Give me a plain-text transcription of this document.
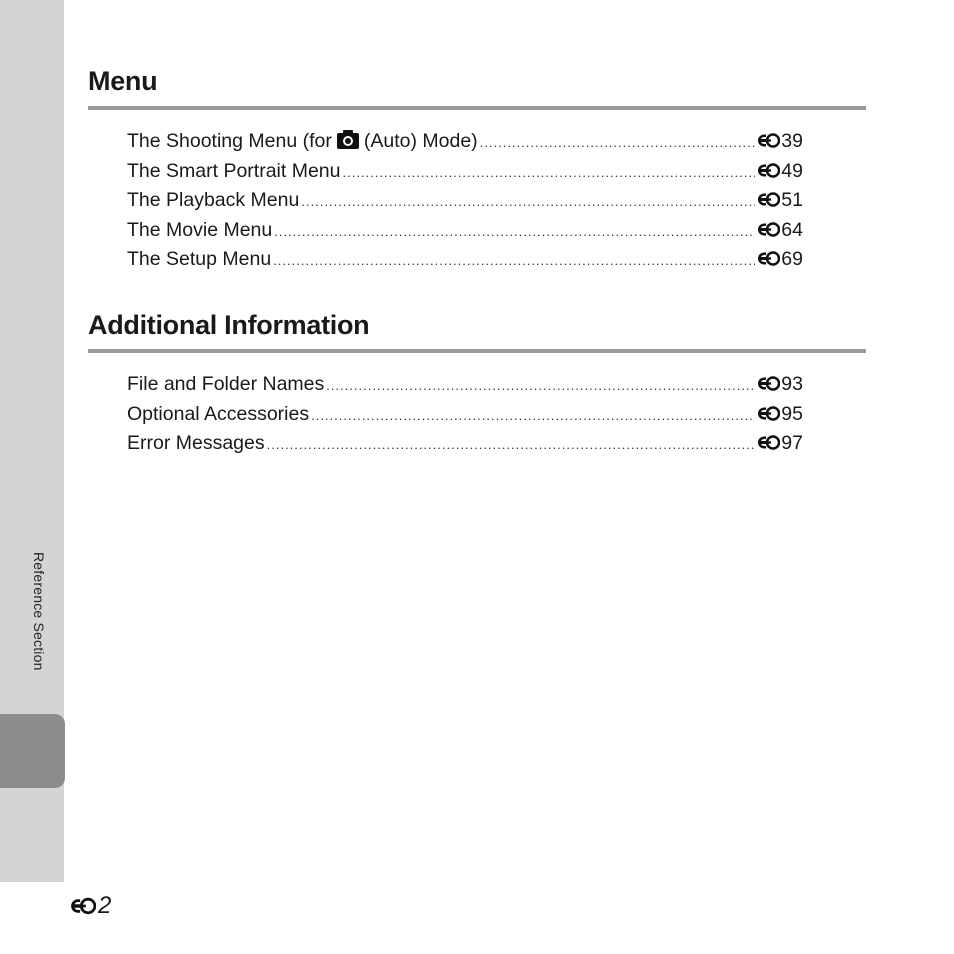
Reference Section
Menu
The Shooting Menu (for (Auto) Mode) .....	39
The Smart Portrait Menu .....	49
The Playback Menu .....	51
The Movie Menu .....	64
The Setup Menu .....	69
Additional Information
File and Folder Names .....	93
Optional Accessories .....	95
Error Messages .....	97
2
